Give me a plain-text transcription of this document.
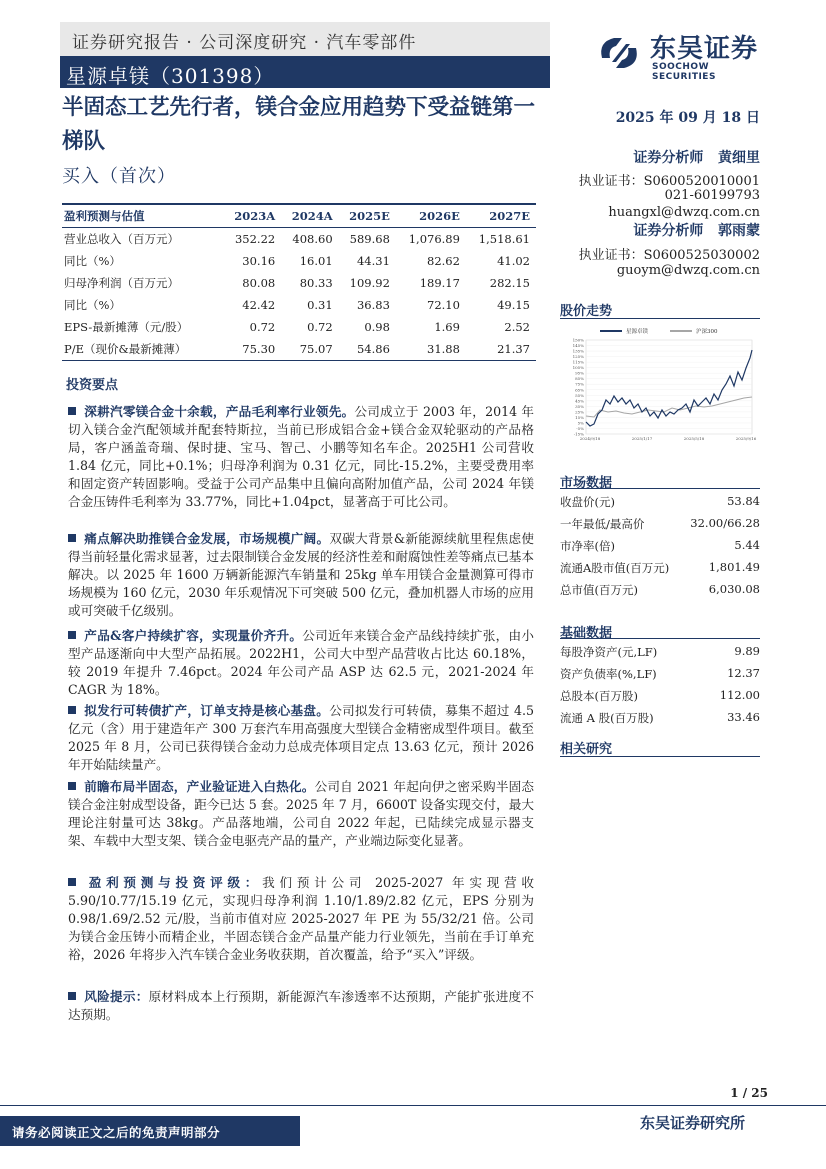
证券研究报告 · 公司深度研究 · 汽车零部件
星源卓镁（301398）
东吴证券
SOOCHOW SECURITIES
半固态工艺先行者，镁合金应用趋势下受益链第一梯队
买入（首次）
2025 年 09 月 18 日
证券分析师 黄细里
执业证书：S0600520010001
021-60199793
huangxl@dwzq.com.cn
证券分析师 郭雨蒙
执业证书：S0600525030002
guoym@dwzq.com.cn
盈利预测与估值	2023A	2024A	2025E	2026E	2027E
营业总收入（百万元）	352.22	408.60	589.68	1,076.89	1,518.61
同比（%）	30.16	16.01	44.31	82.62	41.02
归母净利润（百万元）	80.08	80.33	109.92	189.17	282.15
同比（%）	42.42	0.31	36.83	72.10	49.15
EPS-最新摊薄（元/股）	0.72	0.72	0.98	1.69	2.52
P/E（现价&最新摊薄）	75.30	75.07	54.86	31.88	21.37
投资要点
深耕汽零镁合金十余载，产品毛利率行业领先。公司成立于 2003 年，2014 年切入镁合金汽配领域并配套特斯拉，当前已形成铝合金+镁合金双轮驱动的产品格局，客户涵盖奇瑞、保时捷、宝马、智己、小鹏等知名车企。2025H1 公司营收 1.84 亿元，同比+0.1%；归母净利润为 0.31 亿元，同比-15.2%，主要受费用率和固定资产转固影响。受益于公司产品集中且偏向高附加值产品，公司 2024 年镁合金压铸件毛利率为 33.77%，同比+1.04pct，显著高于可比公司。
痛点解决助推镁合金发展，市场规模广阔。双碳大背景&新能源续航里程焦虑使得当前轻量化需求显著，过去限制镁合金发展的经济性差和耐腐蚀性差等痛点已基本解决。以 2025 年 1600 万辆新能源汽车销量和 25kg 单车用镁合金量测算可得市场规模为 160 亿元，2030 年乐观情况下可突破 500 亿元，叠加机器人市场的应用或可突破千亿级别。
产品&客户持续扩容，实现量价齐升。公司近年来镁合金产品线持续扩张，由小型产品逐渐向中大型产品拓展。2022H1，公司大中型产品营收占比达 60.18%，较 2019 年提升 7.46pct。2024 年公司产品 ASP 达 62.5 元，2021-2024 年 CAGR 为 18%。
拟发行可转债扩产，订单支持是核心基盘。公司拟发行可转债，募集不超过 4.5 亿元（含）用于建造年产 300 万套汽车用高强度大型镁合金精密成型件项目。截至 2025 年 8 月，公司已获得镁合金动力总成壳体项目定点 13.63 亿元，预计 2026 年开始陆续量产。
前瞻布局半固态，产业验证进入白热化。公司自 2021 年起向伊之密采购半固态镁合金注射成型设备，距今已达 5 套。2025 年 7 月，6600T 设备实现交付，最大理论注射量可达 38kg。产品落地端，公司自 2022 年起，已陆续完成显示器支架、车载中大型支架、镁合金电驱壳产品的量产，产业端边际变化显著。
盈利预测与投资评级：我们预计公司 2025-2027 年实现营收 5.90/10.77/15.19 亿元，实现归母净利润 1.10/1.89/2.82 亿元，EPS 分别为 0.98/1.69/2.52 元/股，当前市值对应 2025-2027 年 PE 为 55/32/21 倍。公司为镁合金压铸小而精企业，半固态镁合金产品量产能力行业领先，当前在手订单充裕，2026 年将步入汽车镁合金业务收获期，首次覆盖，给予“买入”评级。
风险提示：原材料成本上行预期，新能源汽车渗透率不达预期，产能扩张进度不达预期。
股价走势
-15%
-5%
5%
15%
25%
35%
45%
55%
65%
75%
85%
95%
105%
115%
125%
135%
145%
150%
2024/9/18	2025/1/17	2025/5/18	2025/9/16
星源卓镁	沪深300
市场数据
收盘价(元)	53.84
一年最低/最高价	32.00/66.28
市净率(倍)	5.44
流通A股市值(百万元)	1,801.49
总市值(百万元)	6,030.08
基础数据
每股净资产(元,LF)	9.89
资产负债率(%,LF)	12.37
总股本(百万股)	112.00
流通 A 股(百万股)	33.46
相关研究
1 / 25
请务必阅读正文之后的免责声明部分
东吴证券研究所
